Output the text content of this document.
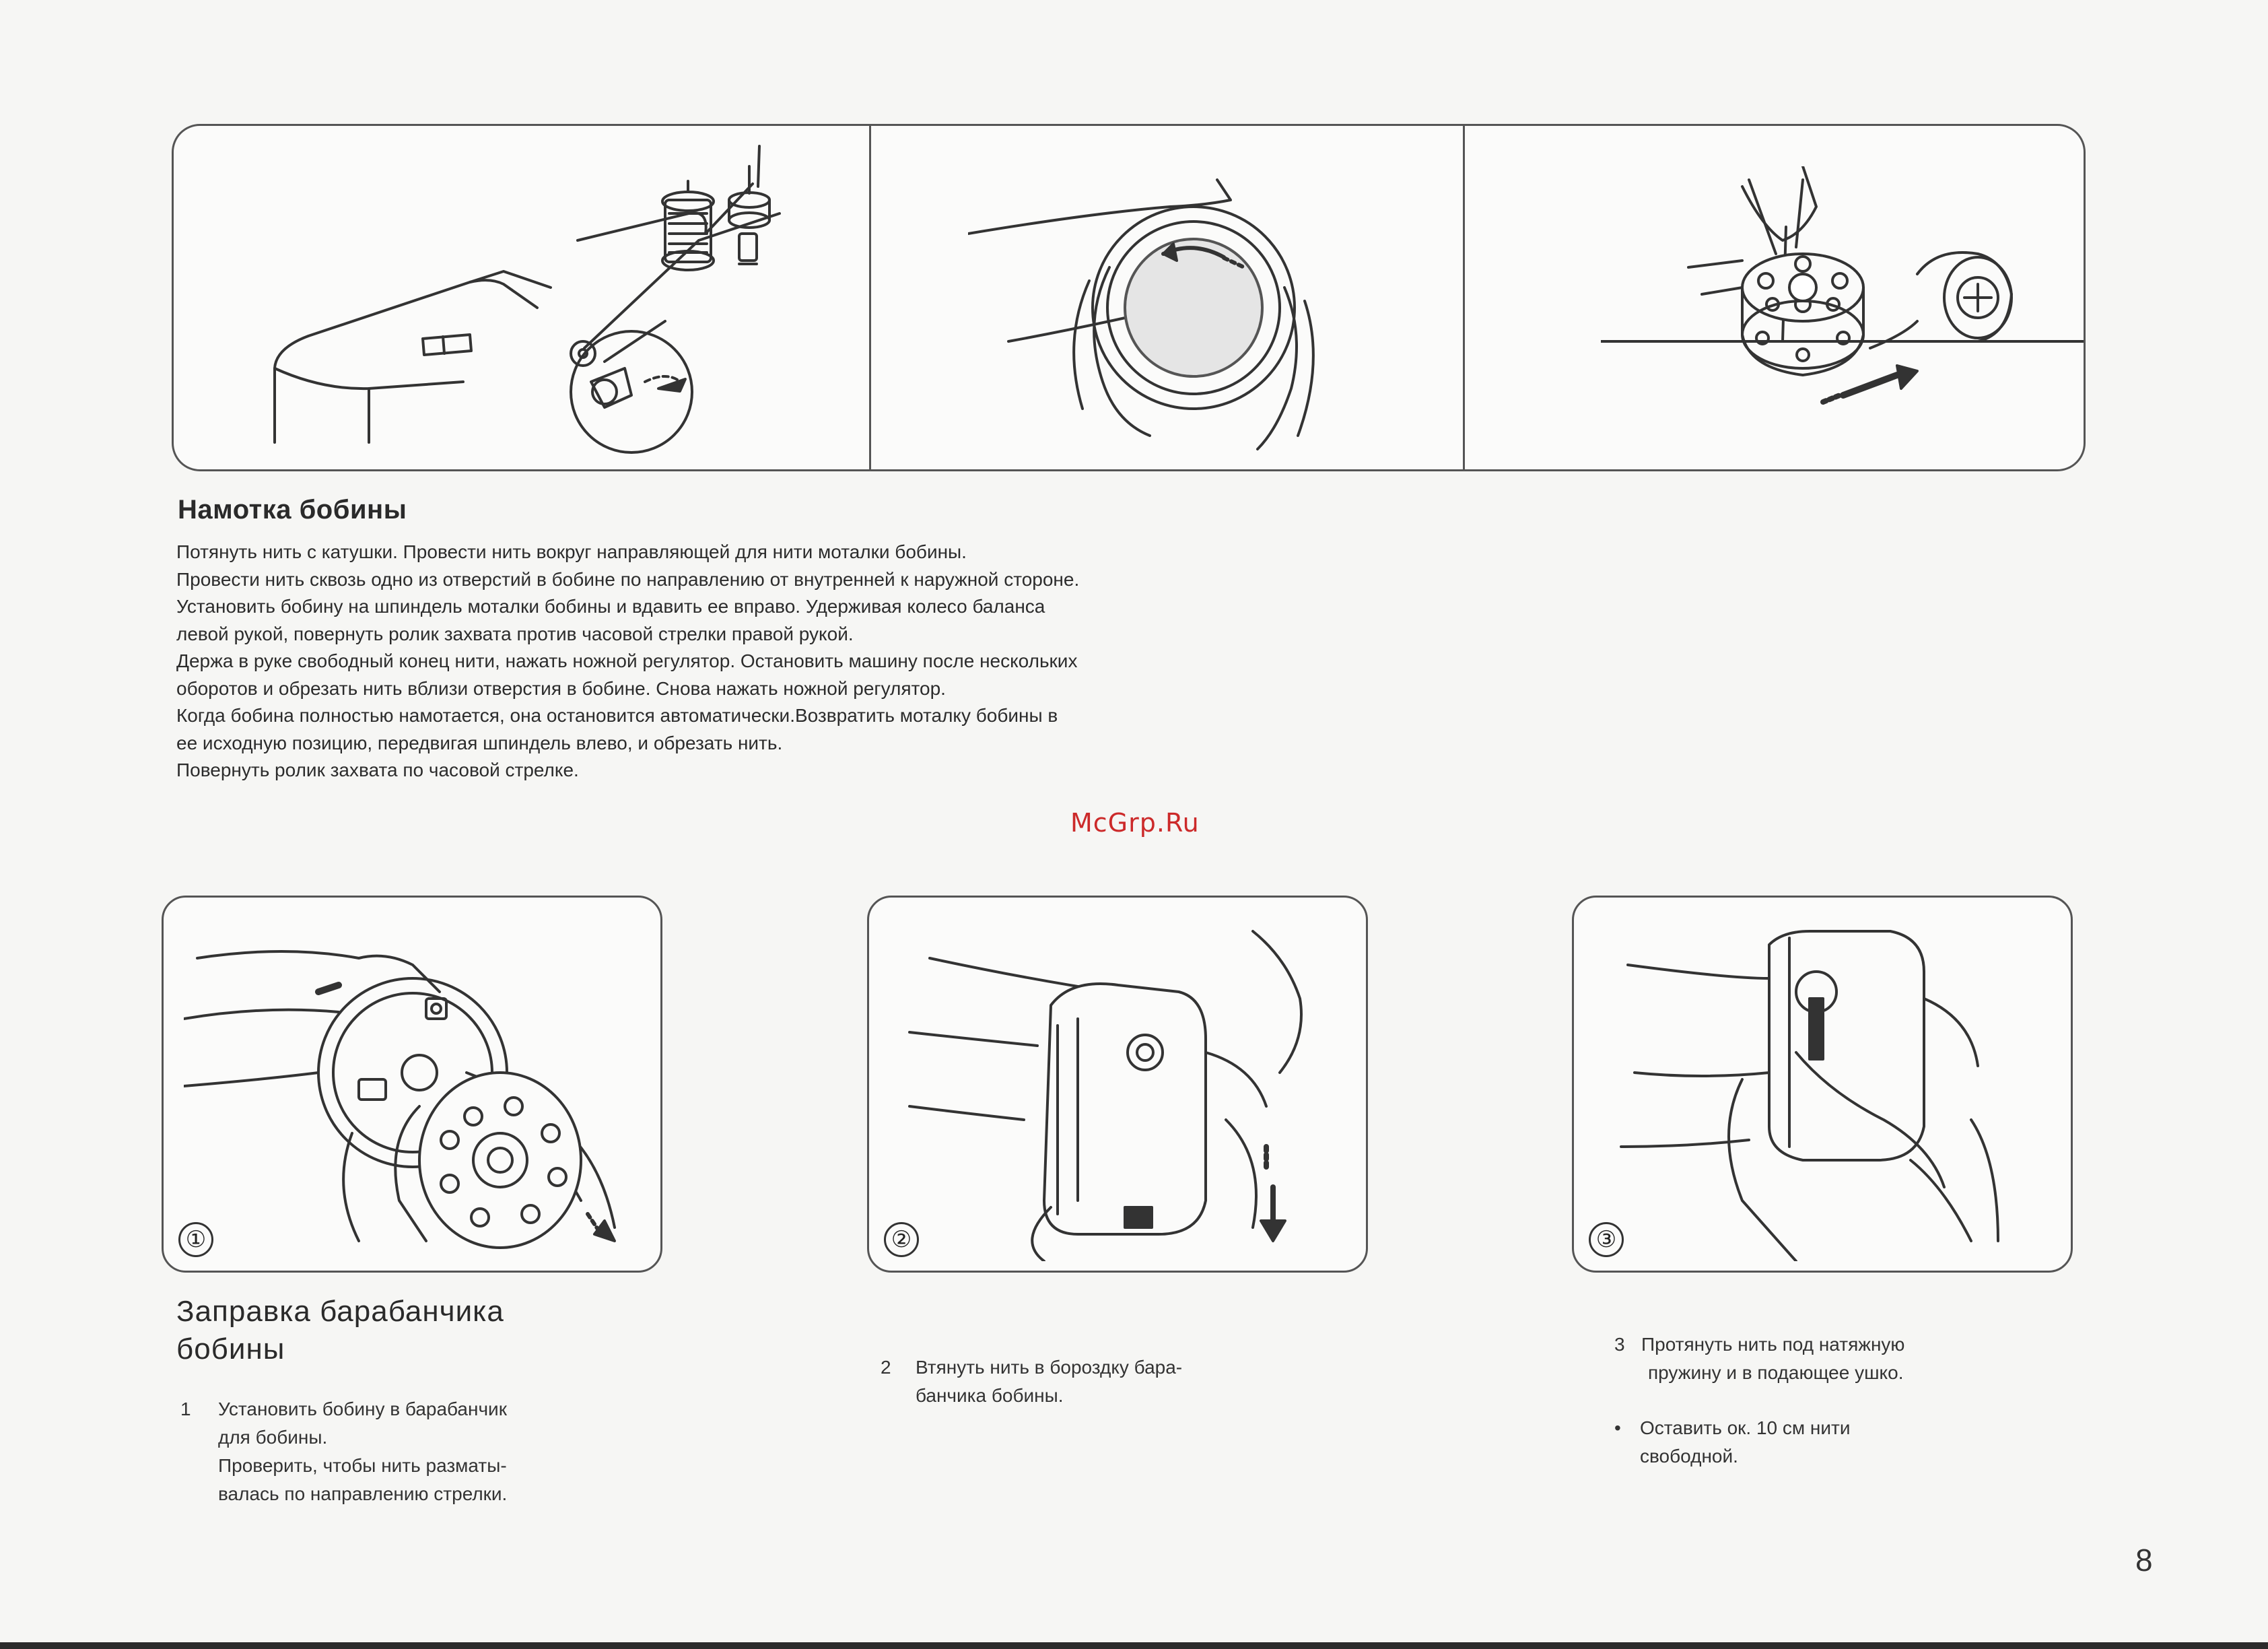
Намотка бобины
Потянуть нить с катушки. Провести нить вокруг направляющей для нити моталки бобины.
Провести нить сквозь одно из отверстий в бобине по направлению от внутренней к наружной стороне.
Установить бобину на шпиндель моталки бобины и вдавить ее вправо. Удерживая колесо баланса
левой рукой, повернуть ролик захвата против часовой стрелки правой рукой.
Держа в руке свободный конец нити, нажать ножной регулятор. Остановить машину после нескольких
оборотов и обрезать нить вблизи отверстия в бобине. Снова нажать ножной регулятор.
Когда бобина полностью намотается, она остановится автоматически.Возвратить моталку бобины в
ее исходную позицию, передвигая шпиндель влево, и обрезать нить.
Повернуть ролик захвата по часовой стрелке.
McGrp.Ru
①	②	③
Заправка барабанчика
бобины
1 Установить бобину в барабанчик
для бобины.
Проверить, чтобы нить разматы-
валась по направлению стрелки.
2 Втянуть нить в бороздку бара-
банчика бобины.
3 Протянуть нить под натяжную
пружину и в подающее ушко.
• Оставить ок. 10 см нити
свободной.
8
